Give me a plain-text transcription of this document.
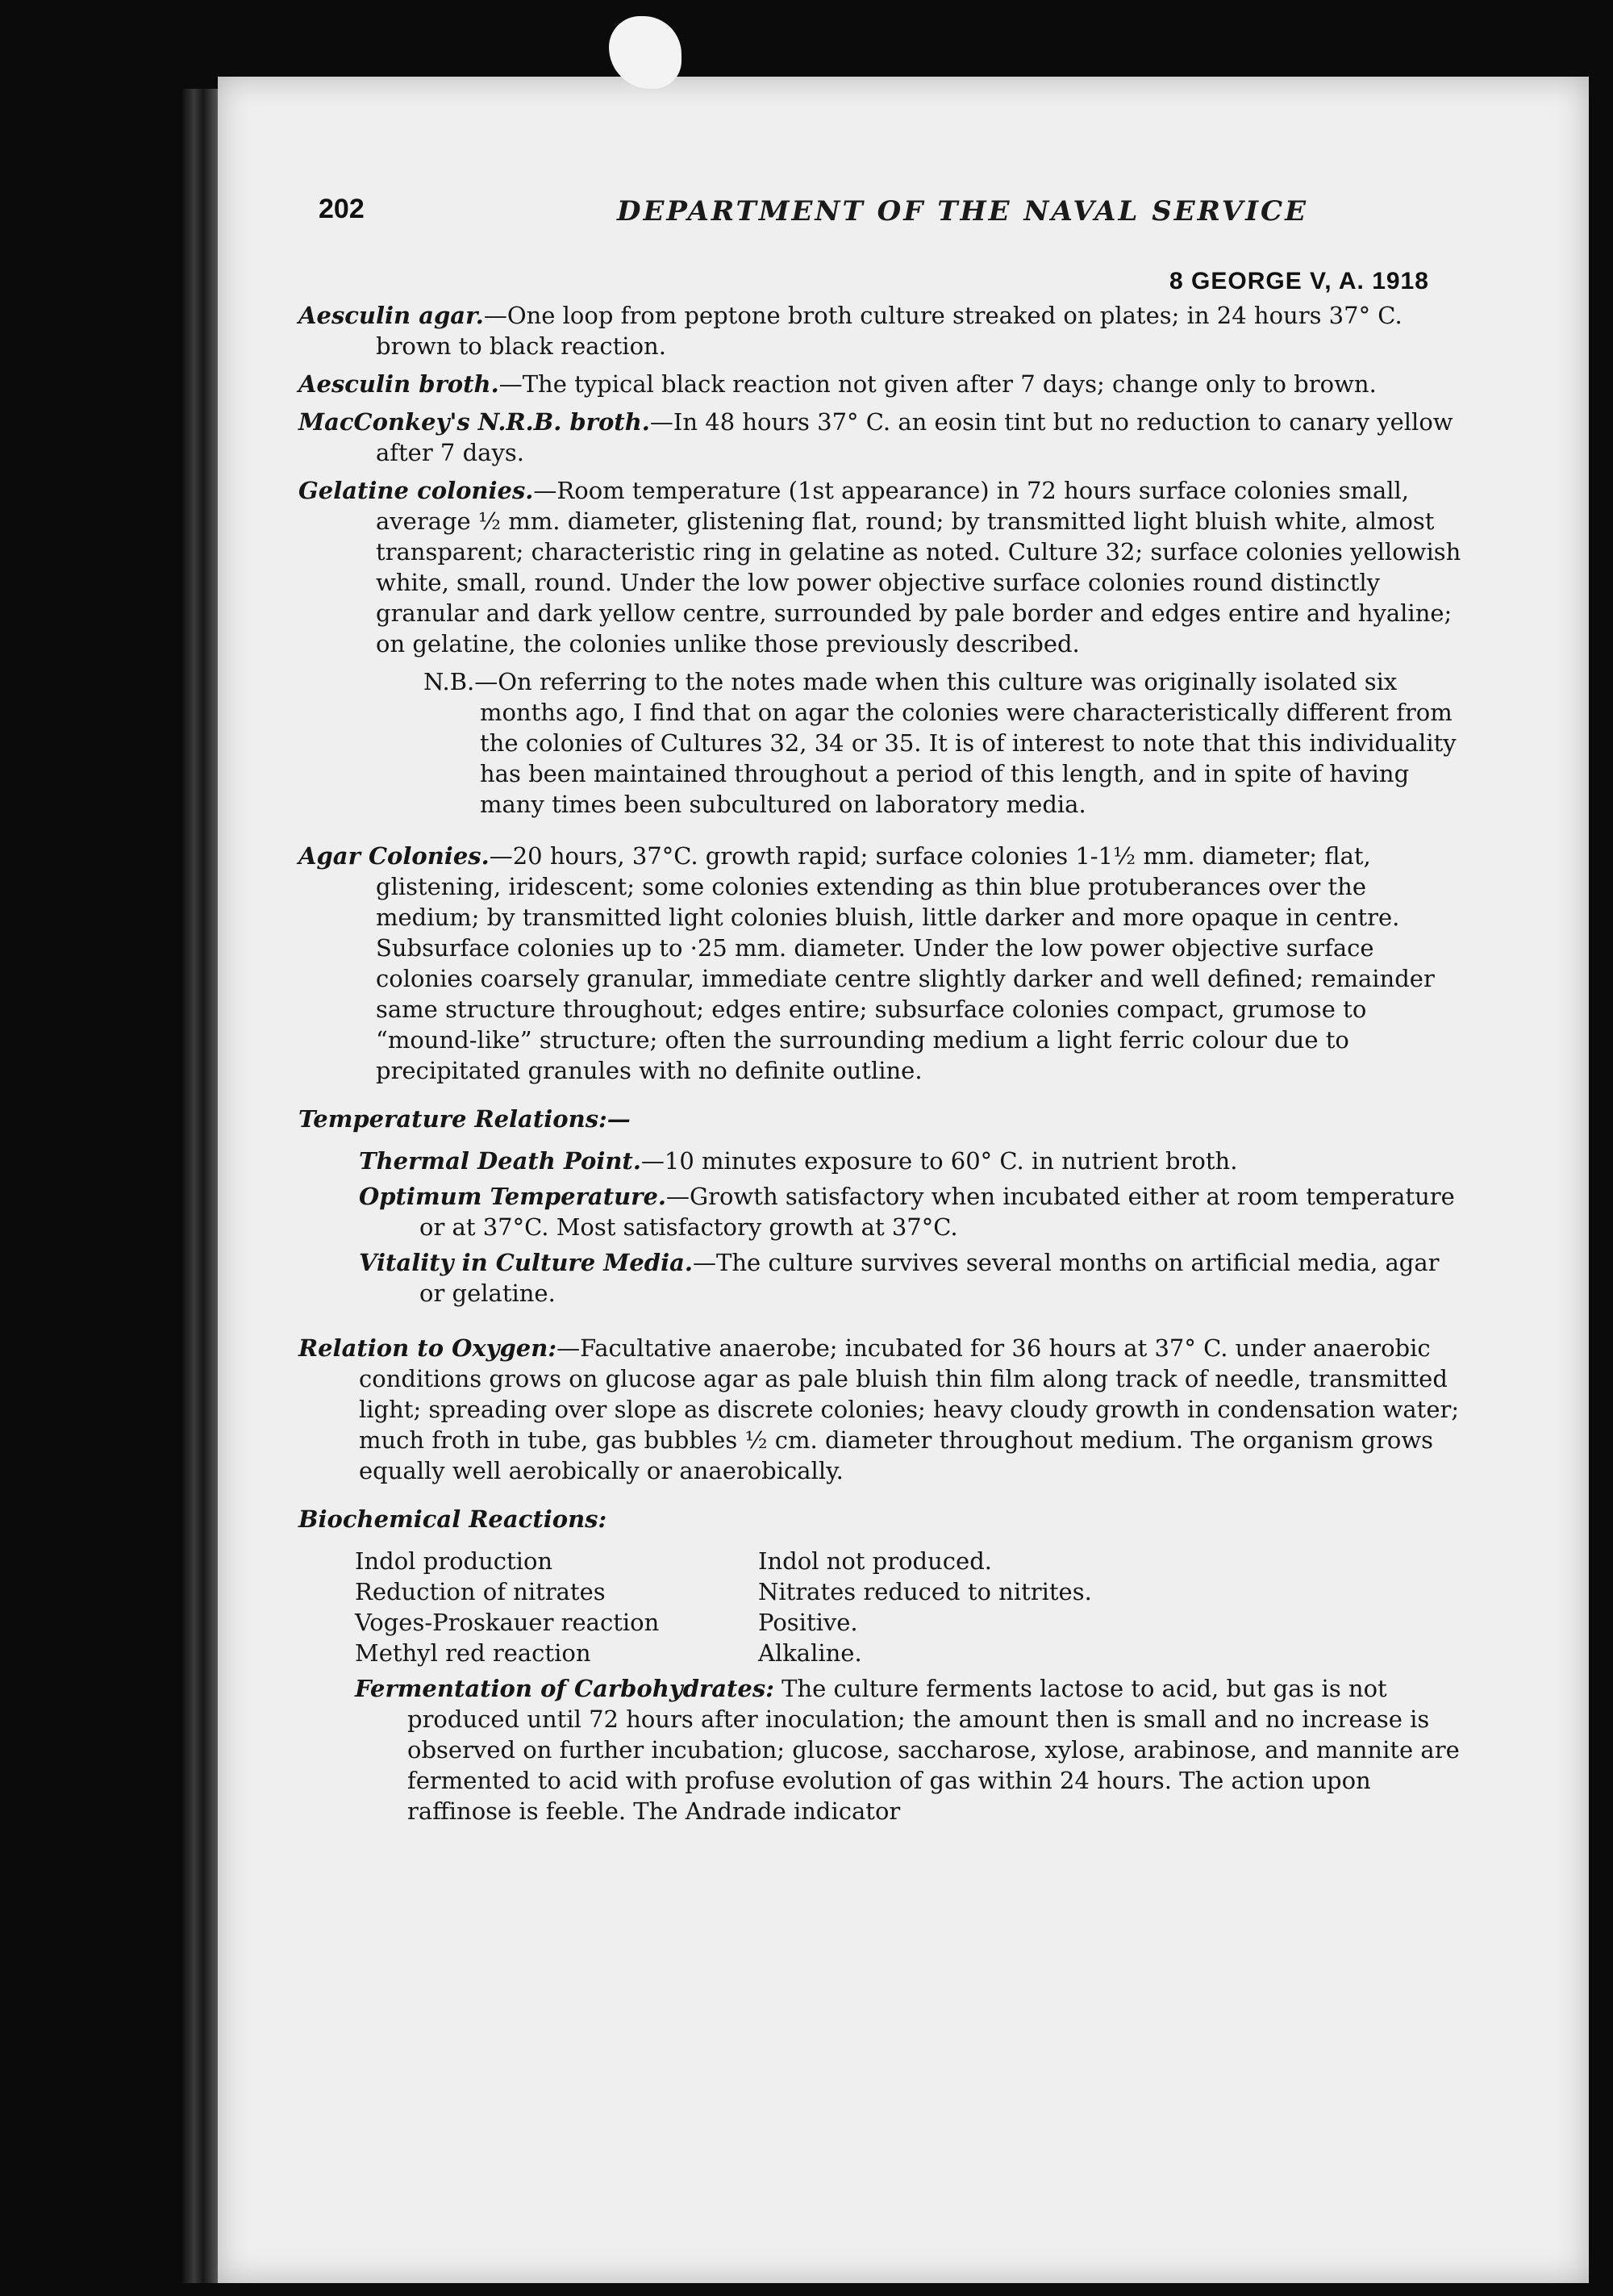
202	DEPARTMENT OF THE NAVAL SERVICE
8 GEORGE V, A. 1918

Aesculin agar.—One loop from peptone broth culture streaked on plates; in 24 hours 37° C. brown to black reaction.

Aesculin broth.—The typical black reaction not given after 7 days; change only to brown.

MacConkey's N.R.B. broth.—In 48 hours 37° C. an eosin tint but no reduction to canary yellow after 7 days.

Gelatine colonies.—Room temperature (1st appearance) in 72 hours surface colonies small, average ½ mm. diameter, glistening flat, round; by transmitted light bluish white, almost transparent; characteristic ring in gelatine as noted. Culture 32; surface colonies yellowish white, small, round. Under the low power objective surface colonies round distinctly granular and dark yellow centre, surrounded by pale border and edges entire and hyaline; on gelatine, the colonies unlike those previously described.

N.B.—On referring to the notes made when this culture was originally isolated six months ago, I find that on agar the colonies were characteristically different from the colonies of Cultures 32, 34 or 35. It is of interest to note that this individuality has been maintained throughout a period of this length, and in spite of having many times been subcultured on laboratory media.

Agar Colonies.—20 hours, 37°C. growth rapid; surface colonies 1-1½ mm. diameter; flat, glistening, iridescent; some colonies extending as thin blue protuberances over the medium; by transmitted light colonies bluish, little darker and more opaque in centre. Subsurface colonies up to ·25 mm. diameter. Under the low power objective surface colonies coarsely granular, immediate centre slightly darker and well defined; remainder same structure throughout; edges entire; subsurface colonies compact, grumose to “mound-like” structure; often the surrounding medium a light ferric colour due to precipitated granules with no definite outline.

Temperature Relations:—

Thermal Death Point.—10 minutes exposure to 60° C. in nutrient broth.

Optimum Temperature.—Growth satisfactory when incubated either at room temperature or at 37°C. Most satisfactory growth at 37°C.

Vitality in Culture Media.—The culture survives several months on artificial media, agar or gelatine.

Relation to Oxygen:—Facultative anaerobe; incubated for 36 hours at 37° C. under anaerobic conditions grows on glucose agar as pale bluish thin film along track of needle, transmitted light; spreading over slope as discrete colonies; heavy cloudy growth in condensation water; much froth in tube, gas bubbles ½ cm. diameter throughout medium. The organism grows equally well aerobically or anaerobically.

Biochemical Reactions:

Indol production	Indol not produced.
Reduction of nitrates	Nitrates reduced to nitrites.
Voges-Proskauer reaction	Positive.
Methyl red reaction	Alkaline.

Fermentation of Carbohydrates: The culture ferments lactose to acid, but gas is not produced until 72 hours after inoculation; the amount then is small and no increase is observed on further incubation; glucose, saccharose, xylose, arabinose, and mannite are fermented to acid with profuse evolution of gas within 24 hours. The action upon raffinose is feeble. The Andrade indicator
